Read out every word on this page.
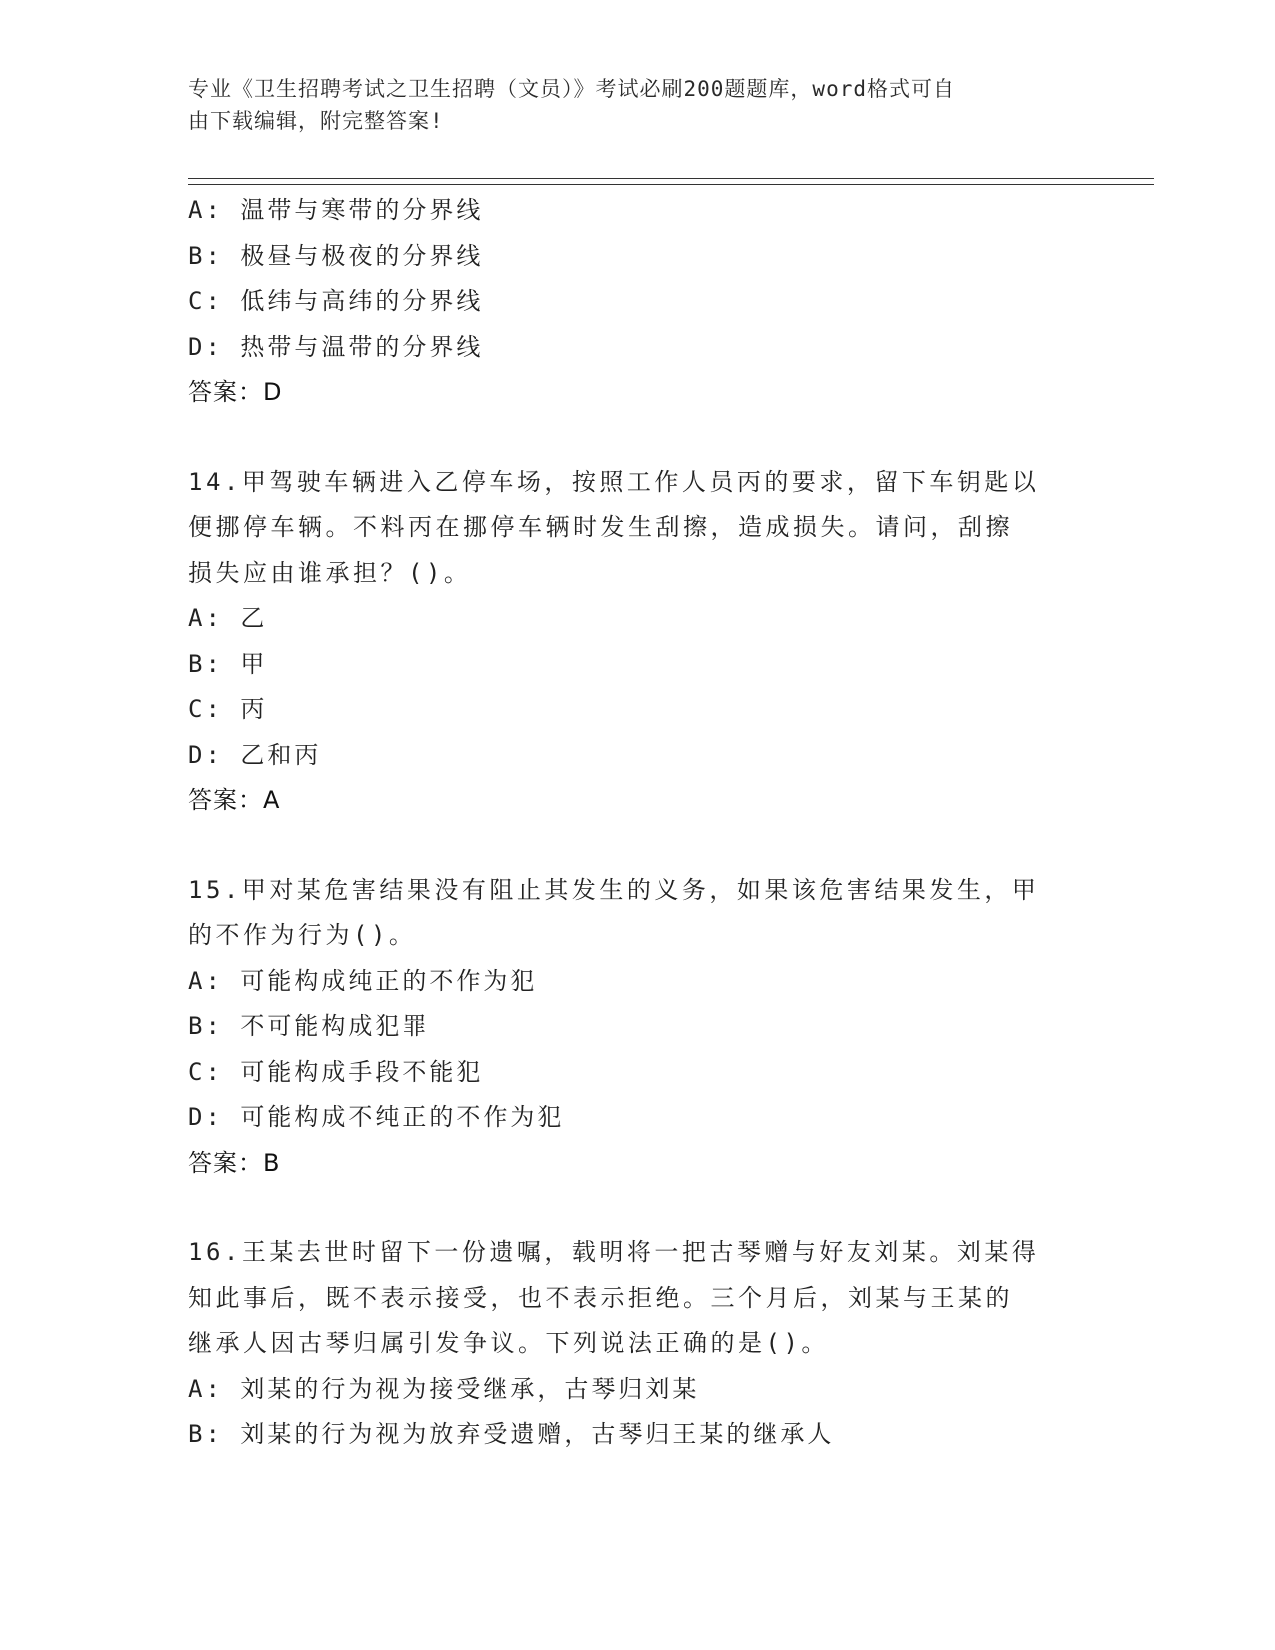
专业《卫生招聘考试之卫生招聘（文员）》考试必刷200题题库，word格式可自
由下载编辑，附完整答案!
A: 温带与寒带的分界线
B: 极昼与极夜的分界线
C: 低纬与高纬的分界线
D: 热带与温带的分界线
答案：D
14.甲驾驶车辆进入乙停车场，按照工作人员丙的要求，留下车钥匙以
便挪停车辆。不料丙在挪停车辆时发生刮擦，造成损失。请问，刮擦
损失应由谁承担？()。
A: 乙
B: 甲
C: 丙
D: 乙和丙
答案：A
15.甲对某危害结果没有阻止其发生的义务，如果该危害结果发生，甲
的不作为行为()。
A: 可能构成纯正的不作为犯
B: 不可能构成犯罪
C: 可能构成手段不能犯
D: 可能构成不纯正的不作为犯
答案：B
16.王某去世时留下一份遗嘱，载明将一把古琴赠与好友刘某。刘某得
知此事后，既不表示接受，也不表示拒绝。三个月后，刘某与王某的
继承人因古琴归属引发争议。下列说法正确的是()。
A: 刘某的行为视为接受继承，古琴归刘某
B: 刘某的行为视为放弃受遗赠，古琴归王某的继承人
